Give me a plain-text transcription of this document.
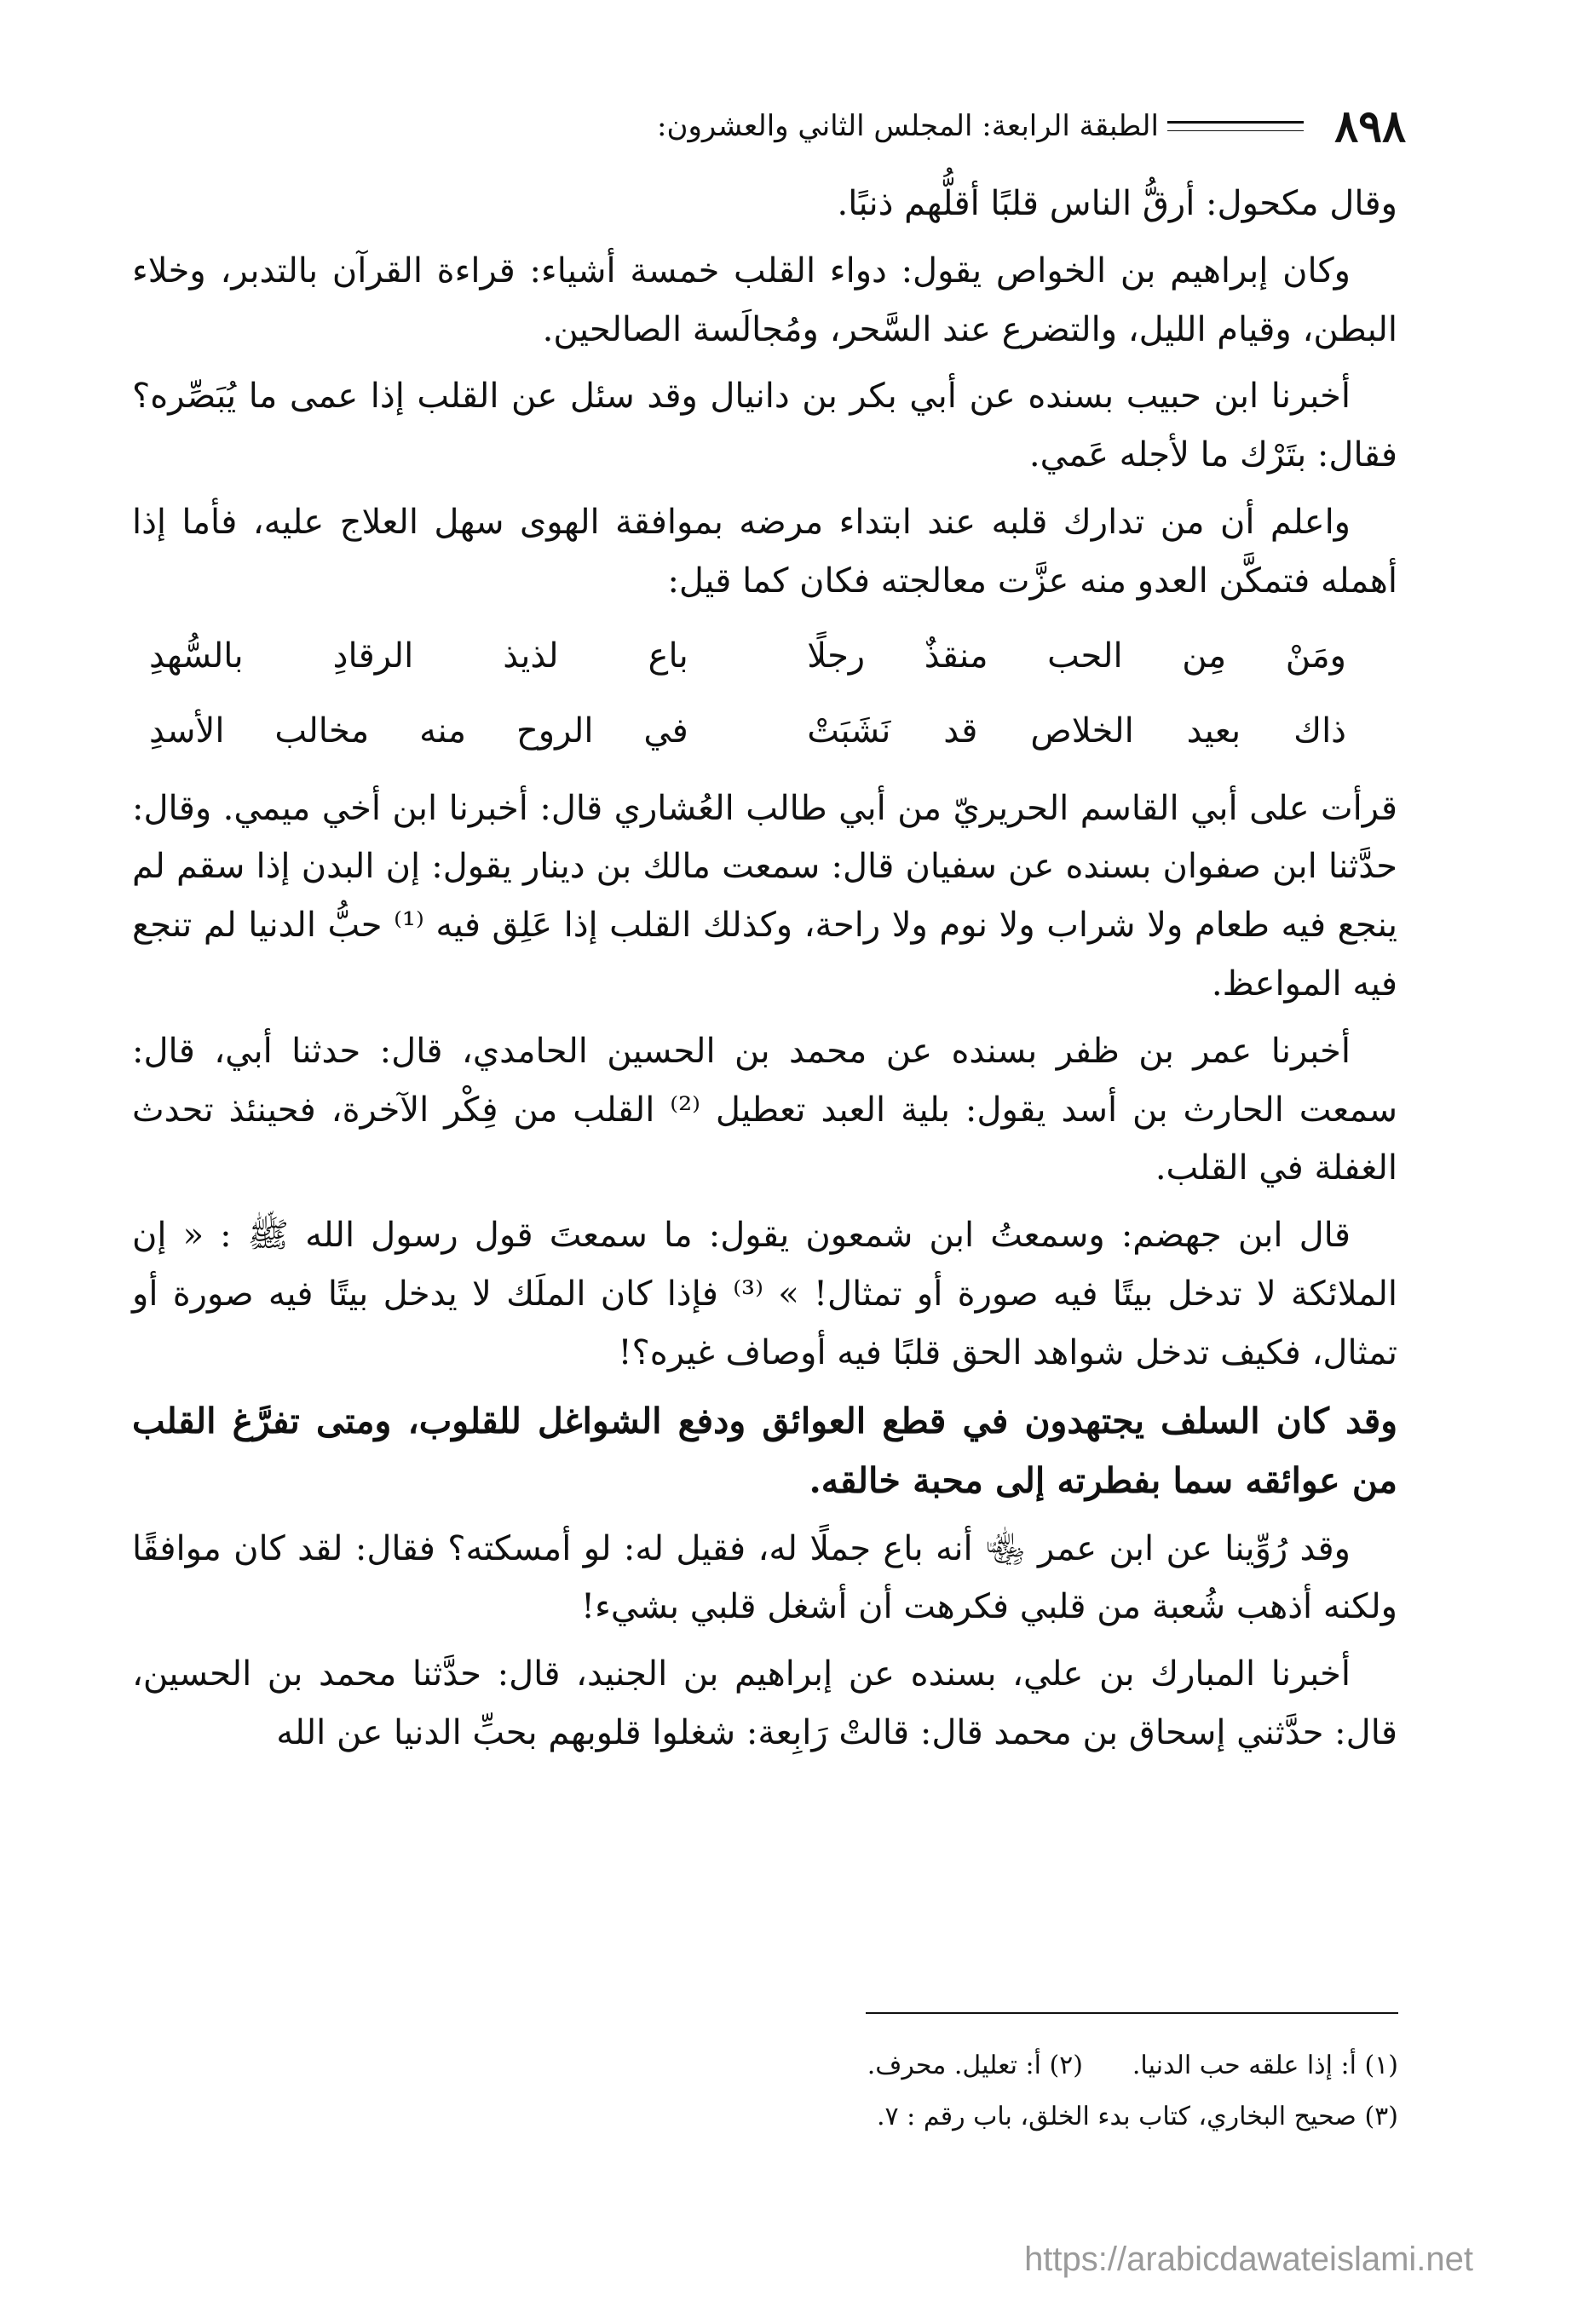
٨٩٨
الطبقة الرابعة: المجلس الثاني والعشرون:

وقال مكحول: أرقُّ الناس قلبًا أقلُّهم ذنبًا.

وكان إبراهيم بن الخواص يقول: دواء القلب خمسة أشياء: قراءة القرآن بالتدبر، وخلاء البطن، وقيام الليل، والتضرع عند السَّحر، ومُجالَسة الصالحين.

أخبرنا ابن حبيب بسنده عن أبي بكر بن دانيال وقد سئل عن القلب إذا عمى ما يُبَصِّره؟ فقال: بتَرْك ما لأجله عَمي.

واعلم أن من تدارك قلبه عند ابتداء مرضه بموافقة الهوى سهل العلاج عليه، فأما إذا أهمله فتمكَّن العدو منه عزَّت معالجته فكان كما قيل:

ومَنْ مِن الحب منقذٌ رجلًا
باع لذيذ الرقادِ بالسُّهدِ
ذاك بعيد الخلاص قد نَشَبَتْ
في الروح منه مخالب الأسدِ

قرأت على أبي القاسم الحريريّ من أبي طالب العُشاري قال: أخبرنا ابن أخي ميمي. وقال: حدَّثنا ابن صفوان بسنده عن سفيان قال: سمعت مالك بن دينار يقول: إن البدن إذا سقم لم ينجع فيه طعام ولا شراب ولا نوم ولا راحة، وكذلك القلب إذا عَلِق فيه ⁽¹⁾ حبُّ الدنيا لم تنجع فيه المواعظ.

أخبرنا عمر بن ظفر بسنده عن محمد بن الحسين الحامدي، قال: حدثنا أبي، قال: سمعت الحارث بن أسد يقول: بلية العبد تعطيل ⁽²⁾ القلب من فِكْر الآخرة، فحينئذ تحدث الغفلة في القلب.

قال ابن جهضم: وسمعتُ ابن شمعون يقول: ما سمعتَ قول رسول الله ﷺ : « إن الملائكة لا تدخل بيتًا فيه صورة أو تمثال! » ⁽³⁾ فإذا كان الملَك لا يدخل بيتًا فيه صورة أو تمثال، فكيف تدخل شواهد الحق قلبًا فيه أوصاف غيره؟!

وقد كان السلف يجتهدون في قطع العوائق ودفع الشواغل للقلوب، ومتى تفرَّغ القلب من عوائقه سما بفطرته إلى محبة خالقه.

وقد رُوِّينا عن ابن عمر ﵄ أنه باع جملًا له، فقيل له: لو أمسكته؟ فقال: لقد كان موافقًا ولكنه أذهب شُعبة من قلبي فكرهت أن أشغل قلبي بشيء!

أخبرنا المبارك بن علي، بسنده عن إبراهيم بن الجنيد، قال: حدَّثنا محمد بن الحسين، قال: حدَّثني إسحاق بن محمد قال: قالتْ رَابِعة: شغلوا قلوبهم بحبِّ الدنيا عن الله

(١) أ: إذا علقه حب الدنيا.
(٢) أ: تعليل. محرف.
(٣) صحيح البخاري، كتاب بدء الخلق، باب رقم : ٧.
https://arabicdawateislami.net
